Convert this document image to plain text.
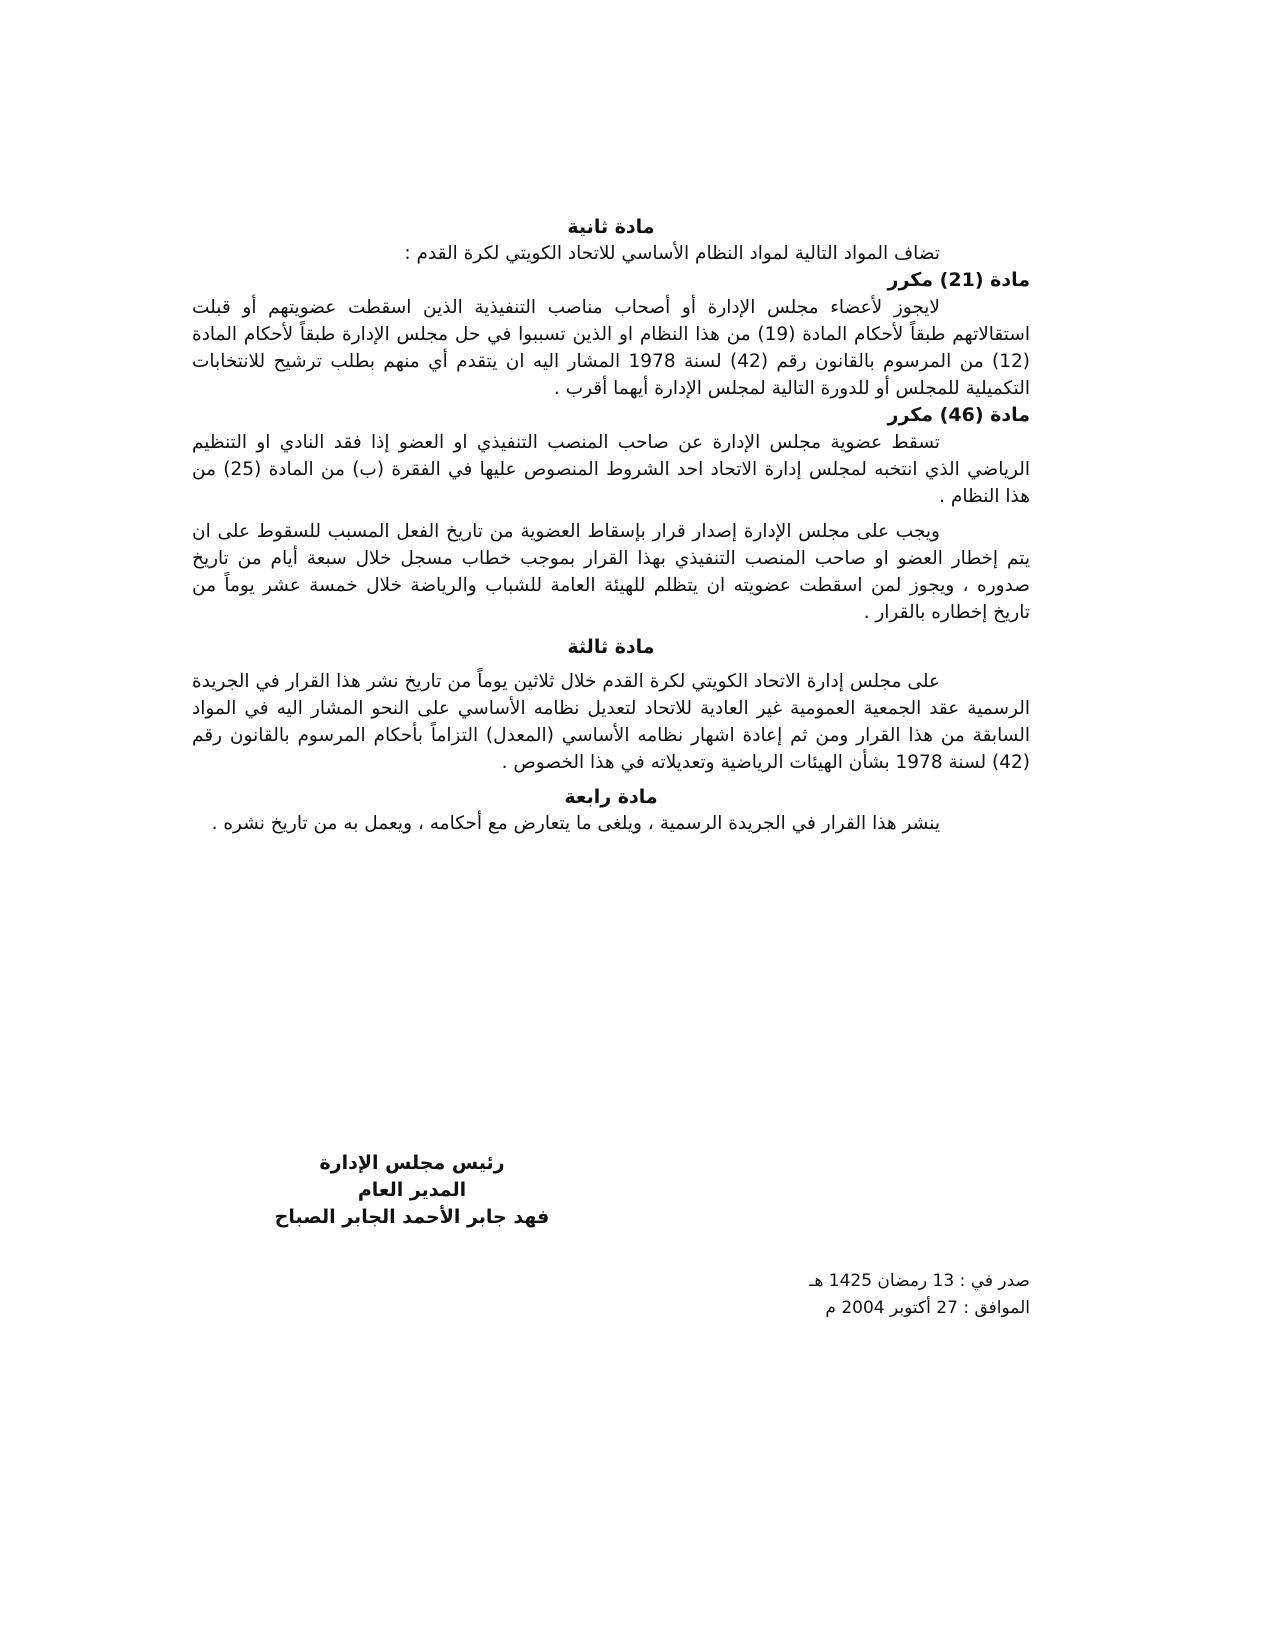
مادة ثانية

تضاف المواد التالية لمواد النظام الأساسي للاتحاد الكويتي لكرة القدم :

مادة (21) مكرر

لايجوز لأعضاء مجلس الإدارة أو أصحاب مناصب التنفيذية الذين اسقطت عضويتهم أو قبلت استقالاتهم طبقاً لأحكام المادة (19) من هذا النظام او الذين تسببوا في حل مجلس الإدارة طبقاً لأحكام المادة (12) من المرسوم بالقانون رقم (42) لسنة 1978 المشار اليه ان يتقدم أي منهم بطلب ترشيح للانتخابات التكميلية للمجلس أو للدورة التالية لمجلس الإدارة أيهما أقرب .

مادة (46) مكرر

تسقط عضوية مجلس الإدارة عن صاحب المنصب التنفيذي او العضو إذا فقد النادي او التنظيم الرياضي الذي انتخبه لمجلس إدارة الاتحاد احد الشروط المنصوص عليها في الفقرة (ب) من المادة (25) من هذا النظام .

ويجب على مجلس الإدارة إصدار قرار بإسقاط العضوية من تاريخ الفعل المسبب للسقوط على ان يتم إخطار العضو او صاحب المنصب التنفيذي بهذا القرار بموجب خطاب مسجل خلال سبعة أيام من تاريخ صدوره ، ويجوز لمن اسقطت عضويته ان يتظلم للهيئة العامة للشباب والرياضة خلال خمسة عشر يوماً من تاريخ إخطاره بالقرار .

مادة ثالثة

على مجلس إدارة الاتحاد الكويتي لكرة القدم خلال ثلاثين يوماً من تاريخ نشر هذا القرار في الجريدة الرسمية عقد الجمعية العمومية غير العادية للاتحاد لتعديل نظامه الأساسي على النحو المشار اليه في المواد السابقة من هذا القرار ومن ثم إعادة اشهار نظامه الأساسي (المعدل) التزاماً بأحكام المرسوم بالقانون رقم (42) لسنة 1978 بشأن الهيئات الرياضية وتعديلاته في هذا الخصوص .

مادة رابعة

ينشر هذا القرار في الجريدة الرسمية ، ويلغى ما يتعارض مع أحكامه ، ويعمل به من تاريخ نشره .

رئيس مجلس الإدارة
المدير العام
فهد جابر الأحمد الجابر الصباح
صدر في : 13 رمضان 1425 هـ
الموافق : 27 أكتوبر 2004 م
